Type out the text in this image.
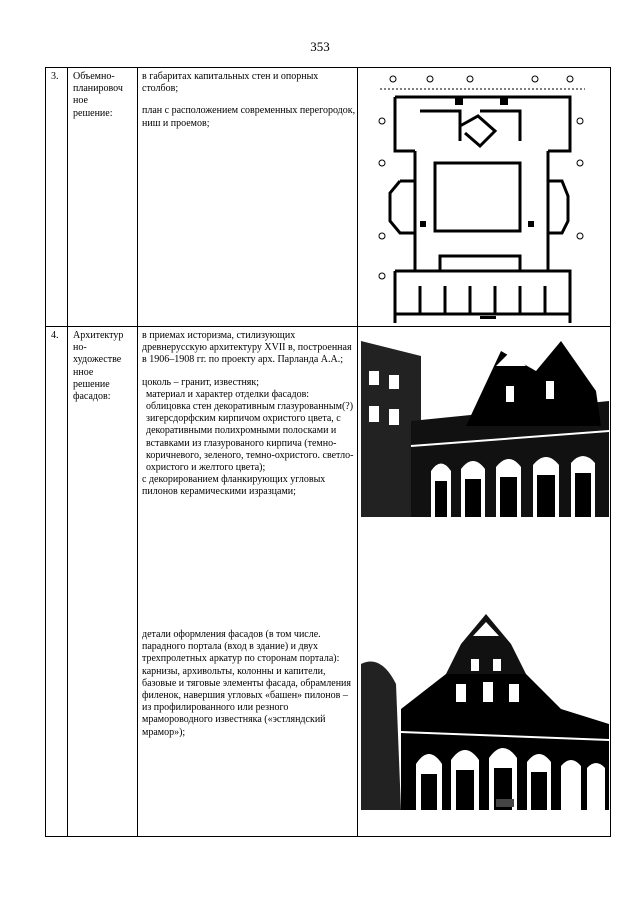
353
3.	Объемно-
планировоч
ное
решение:

в габаритах капитальных стен и опорных столбов;

план с расположением современных перегородок, ниш и проемов;

4.	Архитектур
но-
художестве
нное
решение
фасадов:

в приемах историзма, стилизующих древнерусскую архитектуру XVII в, построенная в 1906–1908 гг. по проекту арх. Парланда А.А.;

цоколь – гранит, известняк;

материал и характер отделки фасадов:

облицовка стен декоративным глазурованным(?) зигерсдорфским кирпичом охристого цвета, с декоративными полихромными полосками и вставками из глазурованого кирпича (темно-коричневого, зеленого, темно-охристого. светло-охристого и желтого цвета);

с декорированием фланкирующих угловых пилонов керамическими изразцами;

детали оформления фасадов (в том числе. парадного портала (вход в здание) и двух трехпролетных аркатур по сторонам портала):

карнизы, архивольты, колонны и капители, базовые и тяговые элементы фасада, обрамления филенок, навершия угловых «башен» пилонов – из профилированного или резного мрамороводного известняка («эстляндский мрамор»);
